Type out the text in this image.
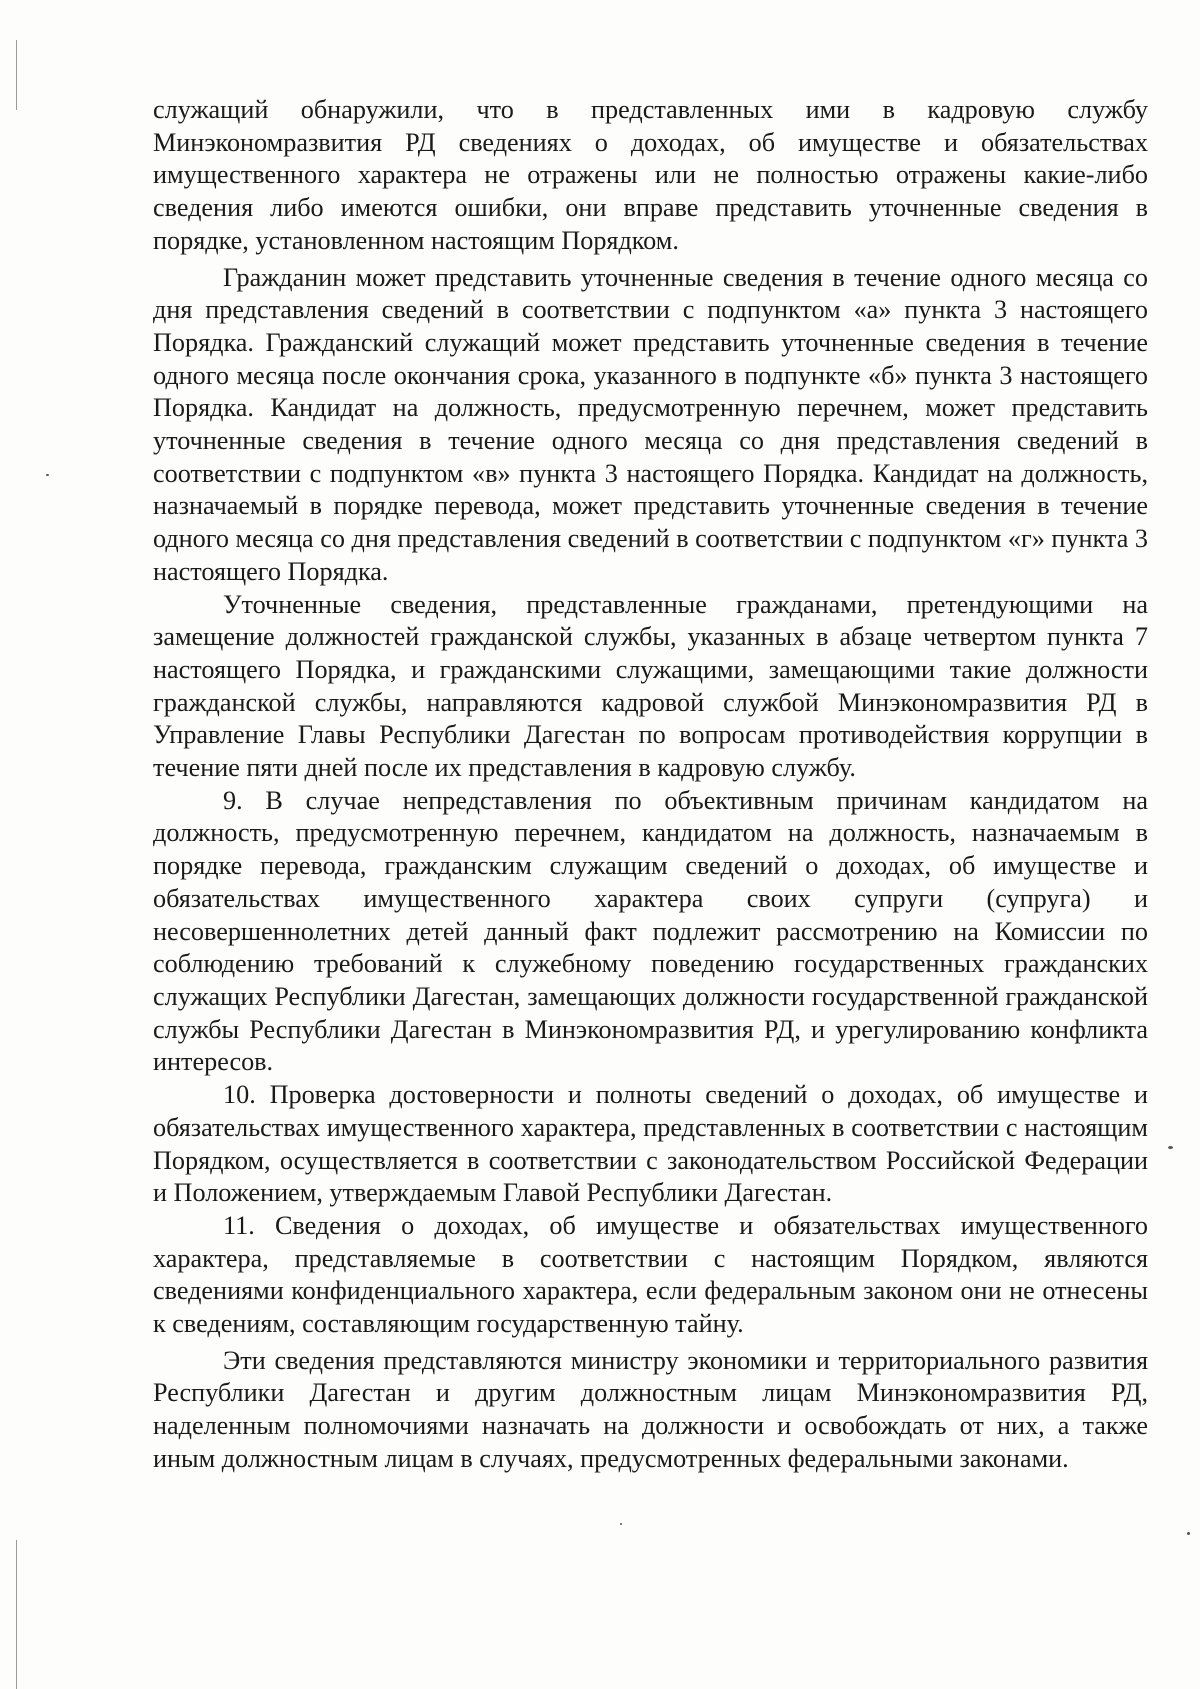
служащий обнаружили, что в представленных ими в кадровую службу Минэкономразвития РД сведениях о доходах, об имуществе и обязательствах имущественного характера не отражены или не полностью отражены какие-либо сведения либо имеются ошибки, они вправе представить уточненные сведения в порядке, установленном настоящим Порядком.

Гражданин может представить уточненные сведения в течение одного месяца со дня представления сведений в соответствии с подпунктом «а» пункта 3 настоящего Порядка. Гражданский служащий может представить уточненные сведения в течение одного месяца после окончания срока, указанного в подпункте «б» пункта 3 настоящего Порядка. Кандидат на должность, предусмотренную перечнем, может представить уточненные сведения в течение одного месяца со дня представления сведений в соответствии с подпунктом «в» пункта 3 настоящего Порядка. Кандидат на должность, назначаемый в порядке перевода, может представить уточненные сведения в течение одного месяца со дня представления сведений в соответствии с подпунктом «г» пункта 3 настоящего Порядка.

Уточненные сведения, представленные гражданами, претендующими на замещение должностей гражданской службы, указанных в абзаце четвертом пункта 7 настоящего Порядка, и гражданскими служащими, замещающими такие должности гражданской службы, направляются кадровой службой Минэкономразвития РД в Управление Главы Республики Дагестан по вопросам противодействия коррупции в течение пяти дней после их представления в кадровую службу.

9. В случае непредставления по объективным причинам кандидатом на должность, предусмотренную перечнем, кандидатом на должность, назначаемым в порядке перевода, гражданским служащим сведений о доходах, об имуществе и обязательствах имущественного характера своих супруги (супруга) и несовершеннолетних детей данный факт подлежит рассмотрению на Комиссии по соблюдению требований к служебному поведению государственных гражданских служащих Республики Дагестан, замещающих должности государственной гражданской службы Республики Дагестан в Минэкономразвития РД, и урегулированию конфликта интересов.

10. Проверка достоверности и полноты сведений о доходах, об имуществе и обязательствах имущественного характера, представленных в соответствии с настоящим Порядком, осуществляется в соответствии с законодательством Российской Федерации и Положением, утверждаемым Главой Республики Дагестан.

11. Сведения о доходах, об имуществе и обязательствах имущественного характера, представляемые в соответствии с настоящим Порядком, являются сведениями конфиденциального характера, если федеральным законом они не отнесены к сведениям, составляющим государственную тайну.

Эти сведения представляются министру экономики и территориального развития Республики Дагестан и другим должностным лицам Минэкономразвития РД, наделенным полномочиями назначать на должности и освобождать от них, а также иным должностным лицам в случаях, предусмотренных федеральными законами.
